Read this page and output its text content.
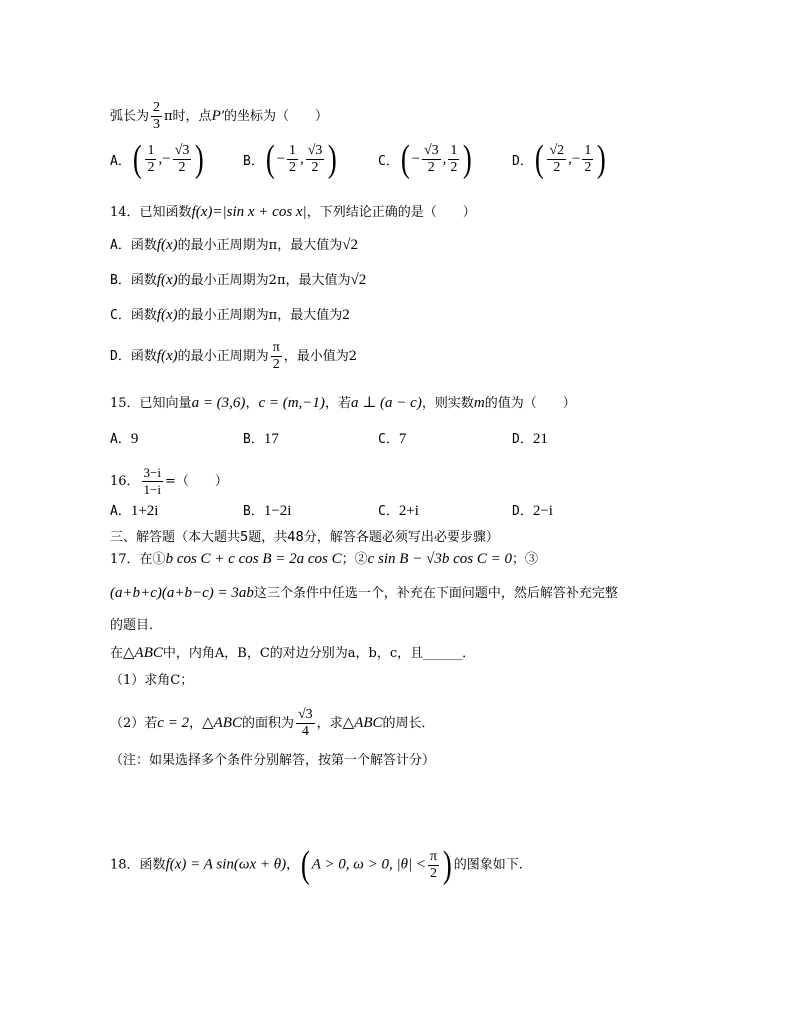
弧长为 $\frac{2}{3}$ π时，点P′的坐标为（　　）
A． ( $\frac{1}{2}$ , − $\frac{√3}{2}$ )	B． ( − $\frac{1}{2}$ , $\frac{√3}{2}$ )	C． ( − $\frac{√3}{2}$ , $\frac{1}{2}$ )	D． ( $\frac{√2}{2}$ , − $\frac{1}{2}$ )
14．已知函数f(x)=|sin x + cos x|，下列结论正确的是（　　）
A．函数f(x)的最小正周期为π，最大值为√2
B．函数f(x)的最小正周期为2π，最大值为√2
C．函数f(x)的最小正周期为π，最大值为2
D．函数f(x)的最小正周期为 $\frac{\pi}{2}$ ，最小值为2
15．已知向量a = (3,6)，c = (m,−1)，若a ⊥ (a − c)，则实数m的值为（　　）
A．9	B．17	C．7	D．21
16． $\frac{3-i}{1-i}$ =（　　）
A．1+2i	B．1−2i	C．2+i	D．2−i
三、解答题（本大题共5题，共48分，解答各题必须写出必要步骤）
17．在①b cos C + c cos B = 2a cos C；②c sin B − √3b cos C = 0；③
(a+b+c)(a+b−c) = 3ab这三个条件中任选一个，补充在下面问题中，然后解答补充完整
的题目．
在△ABC中，内角A，B，C的对边分别为a，b，c，且______．
（1）求角C；
（2）若c = 2，△ABC的面积为 $\frac{√3}{4}$ ，求△ABC的周长．
（注：如果选择多个条件分别解答，按第一个解答计分）
18．函数f(x) = A sin(ωx + θ)，( A > 0, ω > 0, $|\theta| < \frac{\pi}{2}$ ) 的图象如下.
